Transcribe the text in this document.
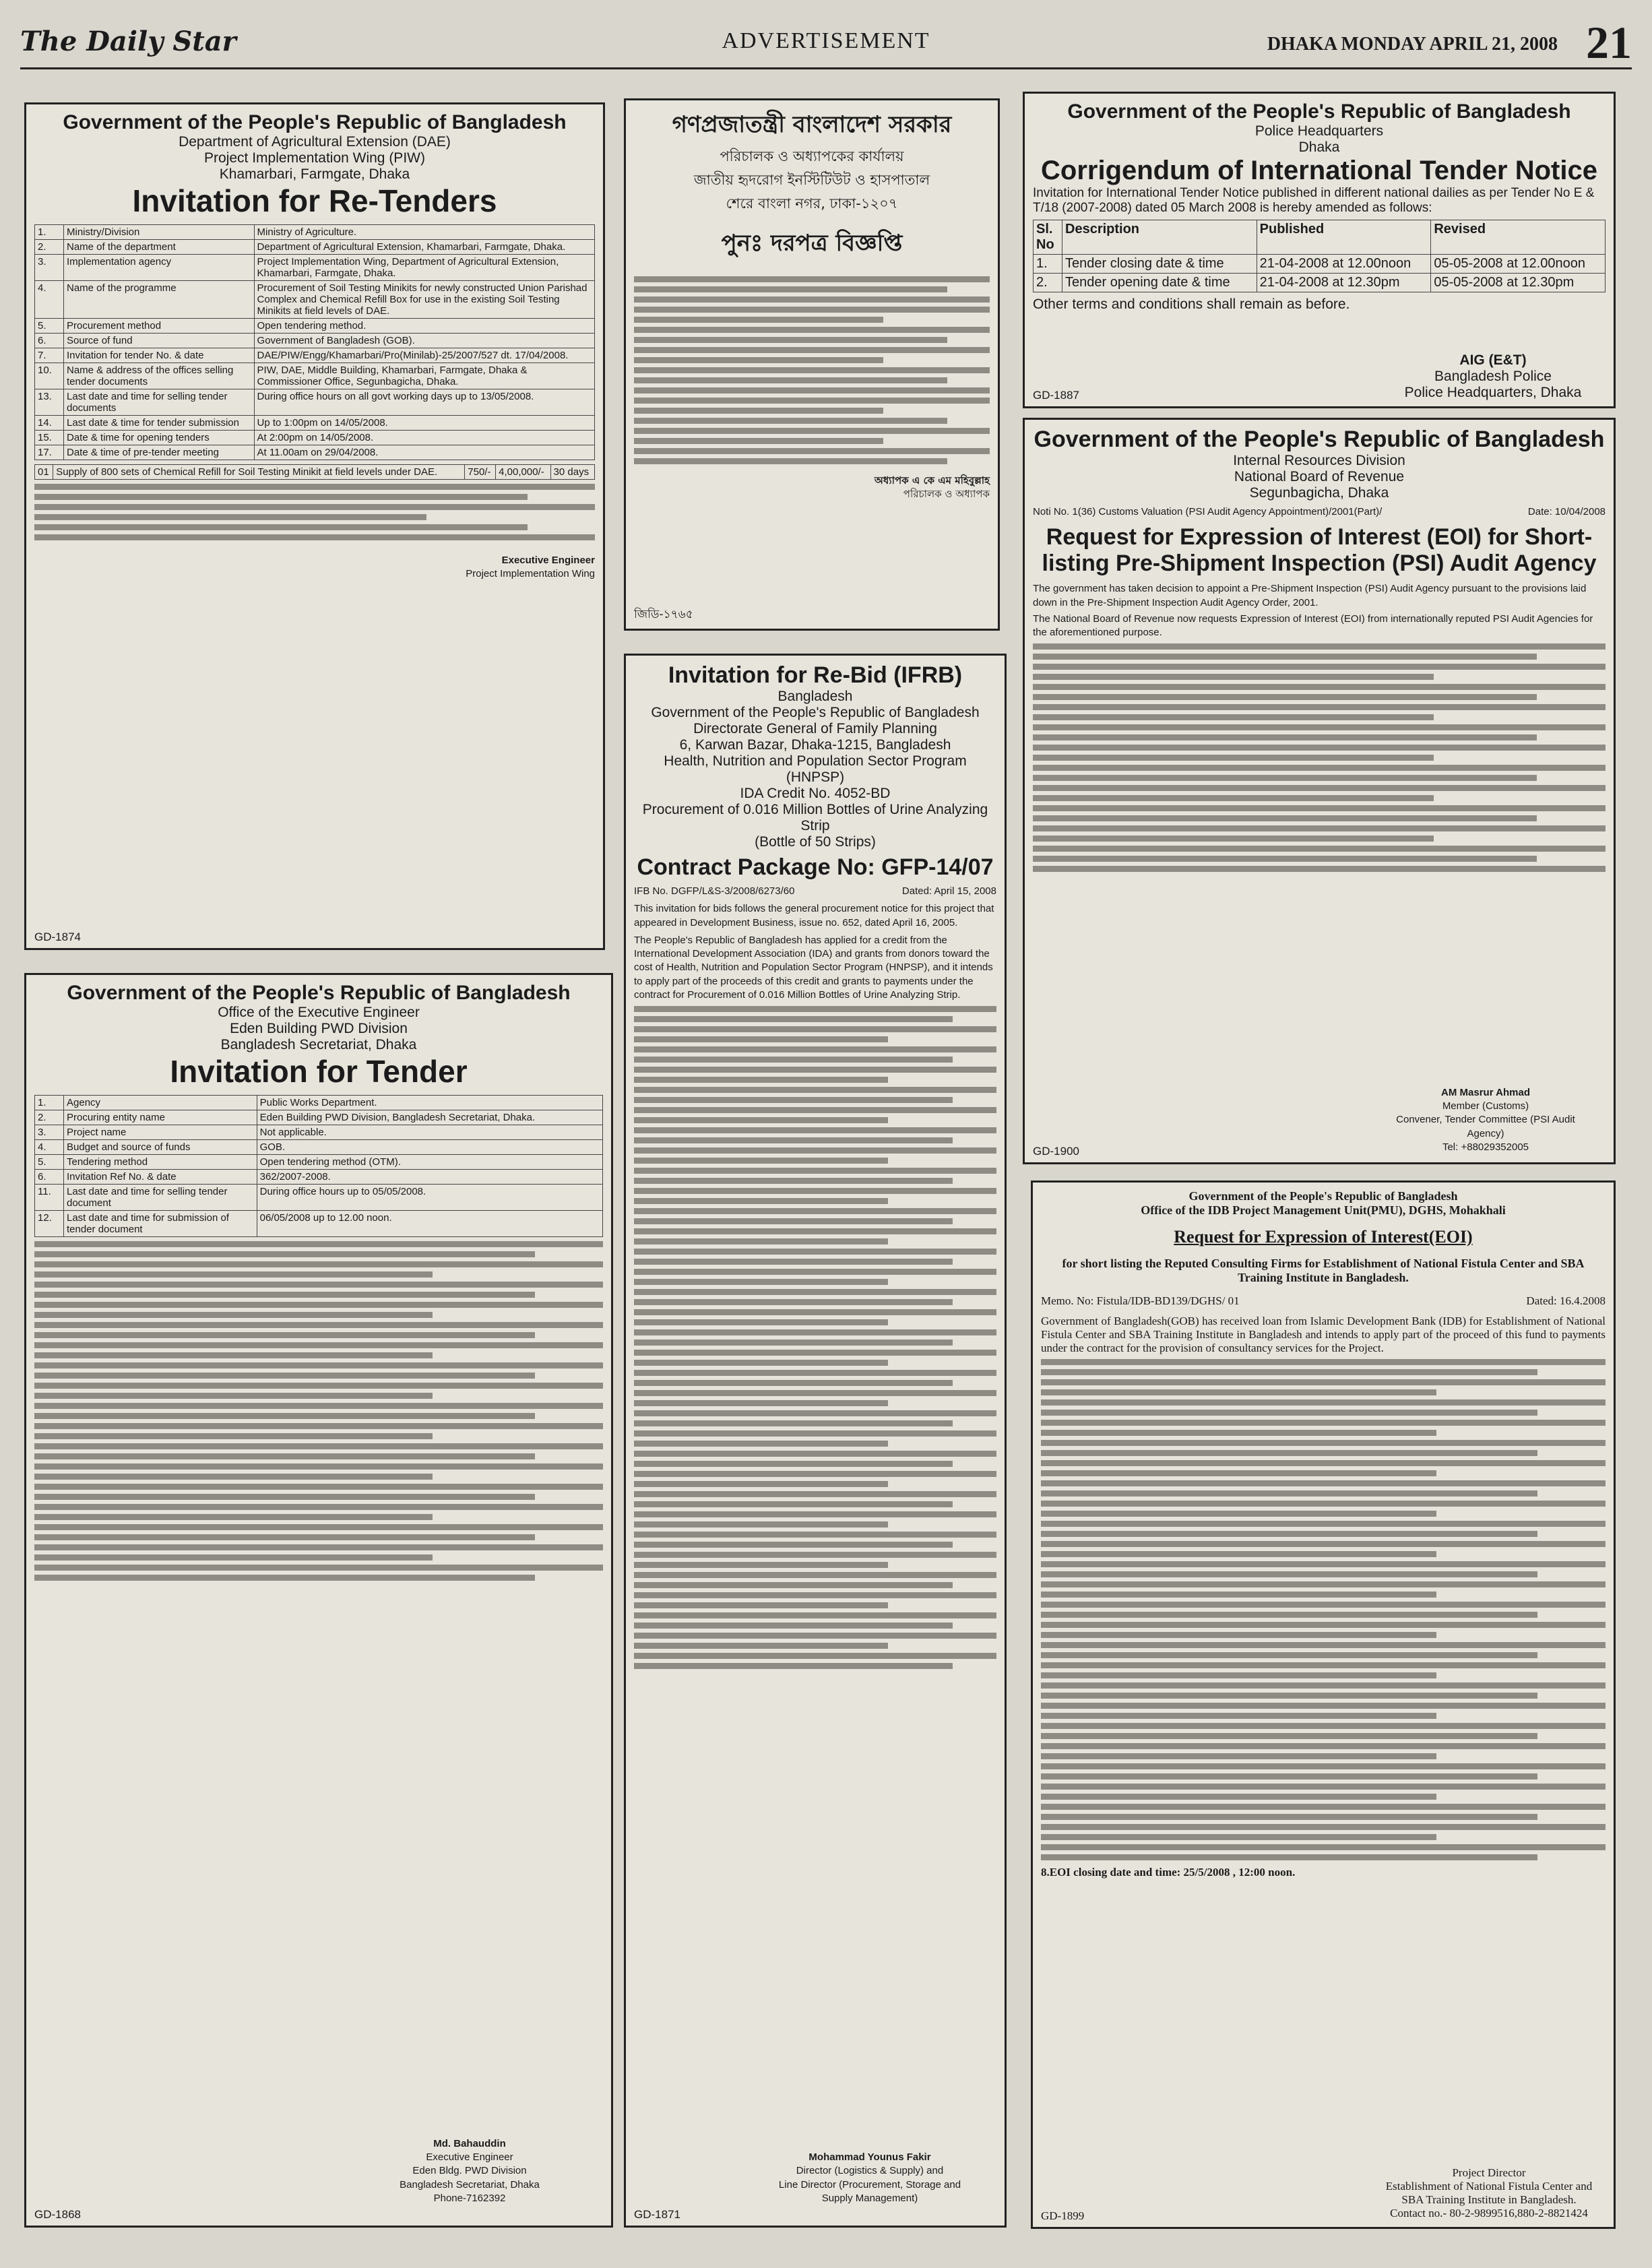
The Daily Star	ADVERTISEMENT	DHAKA MONDAY APRIL 21, 2008 21
Government of the People's Republic of Bangladesh
Department of Agricultural Extension (DAE)
Project Implementation Wing (PIW)
Khamarbari, Farmgate, Dhaka
Invitation for Re-Tenders
1.	Ministry/Division	Ministry of Agriculture.
2.	Name of the department	Department of Agricultural Extension, Khamarbari, Farmgate, Dhaka.
3.	Implementation agency	Project Implementation Wing, Department of Agricultural Extension, Khamarbari, Farmgate, Dhaka.
4.	Name of the programme	Procurement of Soil Testing Minikits for newly constructed Union Parishad Complex and Chemical Refill Box for use in the existing Soil Testing Minikits at field levels of DAE.
5.	Procurement method	Open tendering method.
6.	Source of fund	Government of Bangladesh (GOB).
7.	Invitation for tender No. & date	DAE/PIW/Engg/Khamarbari/Pro(Minilab)-25/2007/527 dt. 17/04/2008.
10.	Name & address of the offices selling tender documents	PIW, DAE, Middle Building, Khamarbari, Farmgate, Dhaka & Commissioner Office, Segunbagicha, Dhaka.
13.	Last date and time for selling tender documents	During office hours on all govt working days up to 13/05/2008.
14.	Last date & time for tender submission	Up to 1:00pm on 14/05/2008.
15.	Date & time for opening tenders	At 2:00pm on 14/05/2008.
17.	Date & time of pre-tender meeting	At 11.00am on 29/04/2008.
01	Supply of 800 sets of Chemical Refill for Soil Testing Minikit at field levels under DAE.	750/-	4,00,000/-	30 days
Executive Engineer
Project Implementation Wing
GD-1874
Government of the People's Republic of Bangladesh
Office of the Executive Engineer
Eden Building PWD Division
Bangladesh Secretariat, Dhaka
Invitation for Tender
1.	Agency	Public Works Department.
2.	Procuring entity name	Eden Building PWD Division, Bangladesh Secretariat, Dhaka.
3.	Project name	Not applicable.
4.	Budget and source of funds	GOB.
5.	Tendering method	Open tendering method (OTM).
6.	Invitation Ref No. & date	362/2007-2008.
11.	Last date and time for selling tender document	During office hours up to 05/05/2008.
12.	Last date and time for submission of tender document	06/05/2008 up to 12.00 noon.
Md. Bahauddin
Executive Engineer
Eden Bldg. PWD Division
Bangladesh Secretariat, Dhaka
Phone-7162392
GD-1868
গণপ্রজাতন্ত্রী বাংলাদেশ সরকার
পরিচালক ও অধ্যাপকের কার্যালয়
জাতীয় হৃদরোগ ইনস্টিটিউট ও হাসপাতাল
শেরে বাংলা নগর, ঢাকা-১২০৭
পুনঃ দরপত্র বিজ্ঞপ্তি
অধ্যাপক এ কে এম মহিবুল্লাহ
পরিচালক ও অধ্যাপক
জিডি-১৭৬৫
Invitation for Re-Bid (IFRB)
Bangladesh
Government of the People's Republic of Bangladesh
Directorate General of Family Planning
6, Karwan Bazar, Dhaka-1215, Bangladesh
Health, Nutrition and Population Sector Program (HNPSP)
IDA Credit No. 4052-BD
Procurement of 0.016 Million Bottles of Urine Analyzing Strip
(Bottle of 50 Strips)
Contract Package No: GFP-14/07
IFB No. DGFP/L&S-3/2008/6273/60	Dated: April 15, 2008
This invitation for bids follows the general procurement notice for this project that appeared in Development Business, issue no. 652, dated April 16, 2005.
The People's Republic of Bangladesh has applied for a credit from the International Development Association (IDA) and grants from donors toward the cost of Health, Nutrition and Population Sector Program (HNPSP), and it intends to apply part of the proceeds of this credit and grants to payments under the contract for Procurement of 0.016 Million Bottles of Urine Analyzing Strip.
Mohammad Younus Fakir
Director (Logistics & Supply) and
Line Director (Procurement, Storage and Supply Management)
GD-1871
Government of the People's Republic of Bangladesh
Police Headquarters
Dhaka
Corrigendum of International Tender Notice
Invitation for International Tender Notice published in different national dailies as per Tender No E & T/18 (2007-2008) dated 05 March 2008 is hereby amended as follows:
Sl. No	Description	Published	Revised
1.	Tender closing date & time	21-04-2008 at 12.00noon	05-05-2008 at 12.00noon
2.	Tender opening date & time	21-04-2008 at 12.30pm	05-05-2008 at 12.30pm
Other terms and conditions shall remain as before.
AIG (E&T)
Bangladesh Police
Police Headquarters, Dhaka
GD-1887
Government of the People's Republic of Bangladesh
Internal Resources Division
National Board of Revenue
Segunbagicha, Dhaka
Noti No. 1(36) Customs Valuation (PSI Audit Agency Appointment)/2001(Part)/	Date: 10/04/2008
Request for Expression of Interest (EOI) for Short-listing Pre-Shipment Inspection (PSI) Audit Agency
The government has taken decision to appoint a Pre-Shipment Inspection (PSI) Audit Agency pursuant to the provisions laid down in the Pre-Shipment Inspection Audit Agency Order, 2001.
The National Board of Revenue now requests Expression of Interest (EOI) from internationally reputed PSI Audit Agencies for the aforementioned purpose.
AM Masrur Ahmad
Member (Customs)
Convener, Tender Committee (PSI Audit Agency)
Tel: +88029352005
GD-1900
Government of the People's Republic of Bangladesh
Office of the IDB Project Management Unit(PMU), DGHS, Mohakhali
Request for Expression of Interest(EOI)
for short listing the Reputed Consulting Firms for Establishment of National Fistula Center and SBA Training Institute in Bangladesh.
Memo. No: Fistula/IDB-BD139/DGHS/ 01	Dated: 16.4.2008
Government of Bangladesh(GOB) has received loan from Islamic Development Bank (IDB) for Establishment of National Fistula Center and SBA Training Institute in Bangladesh and intends to apply part of the proceed of this fund to payments under the contract for the provision of consultancy services for the Project.
8.EOI closing date and time: 25/5/2008 , 12:00 noon.
Project Director
Establishment of National Fistula Center and SBA Training Institute in Bangladesh.
Contact no.- 80-2-9899516,880-2-8821424
GD-1899
